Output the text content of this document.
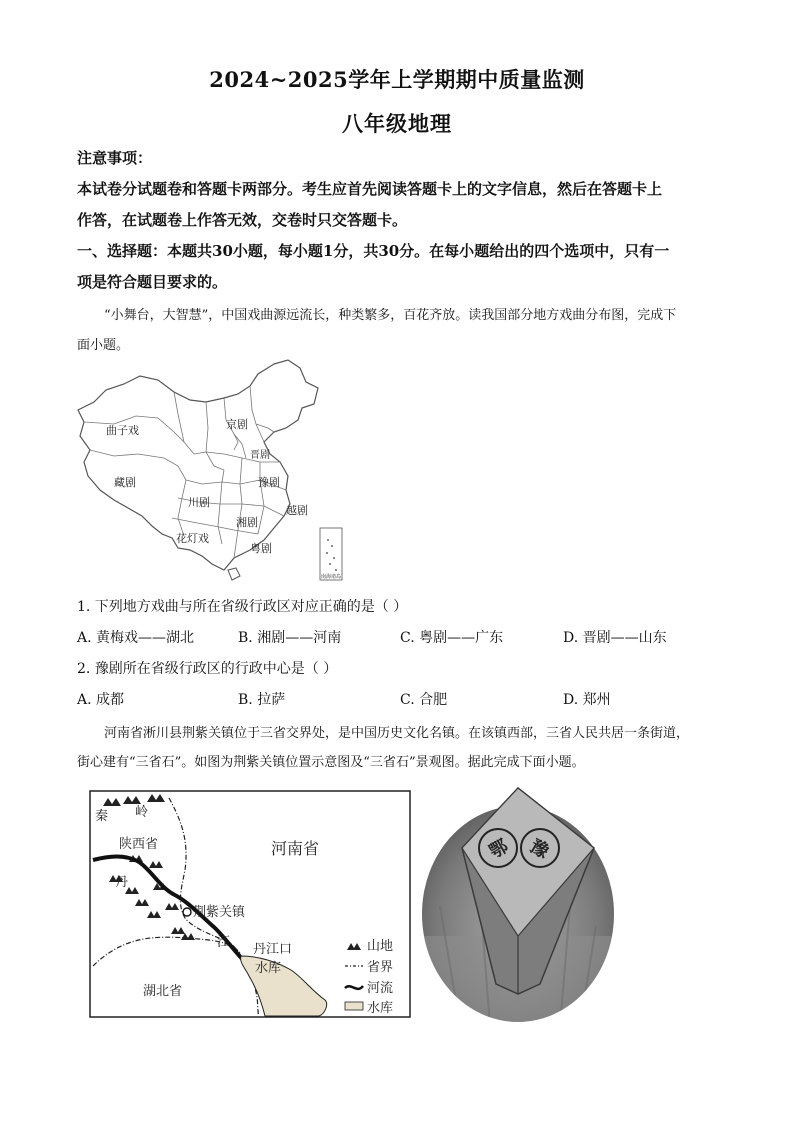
2024~2025学年上学期期中质量监测
八年级地理
注意事项：
本试卷分试题卷和答题卡两部分。考生应首先阅读答题卡上的文字信息，然后在答题卡上
作答，在试题卷上作答无效，交卷时只交答题卡。
一、选择题：本题共30小题，每小题1分，共30分。在每小题给出的四个选项中，只有一
项是符合题目要求的。
“小舞台，大智慧”，中国戏曲源远流长，种类繁多，百花齐放。读我国部分地方戏曲分布图，完成下
面小题。
南海诸岛
曲子戏	京剧
晋剧
豫剧
藏剧
川剧
越剧
湘剧
花灯戏
粤剧
1. 下列地方戏曲与所在省级行政区对应正确的是（ ）
A. 黄梅戏——湖北	B. 湘剧——河南	C. 粤剧——广东	D. 晋剧——山东
2. 豫剧所在省级行政区的行政中心是（ ）
A. 成都	B. 拉萨	C. 合肥	D. 郑州
河南省淅川县荆紫关镇位于三省交界处，是中国历史文化名镇。在该镇西部，三省人民共居一条街道，
街心建有“三省石”。如图为荆紫关镇位置示意图及“三省石”景观图。据此完成下面小题。
秦 岭
陕西省	河南省
丹
荆紫关镇
江 丹江口
水库
湖北省
山地
省界
河流
水库
鄂 豫
